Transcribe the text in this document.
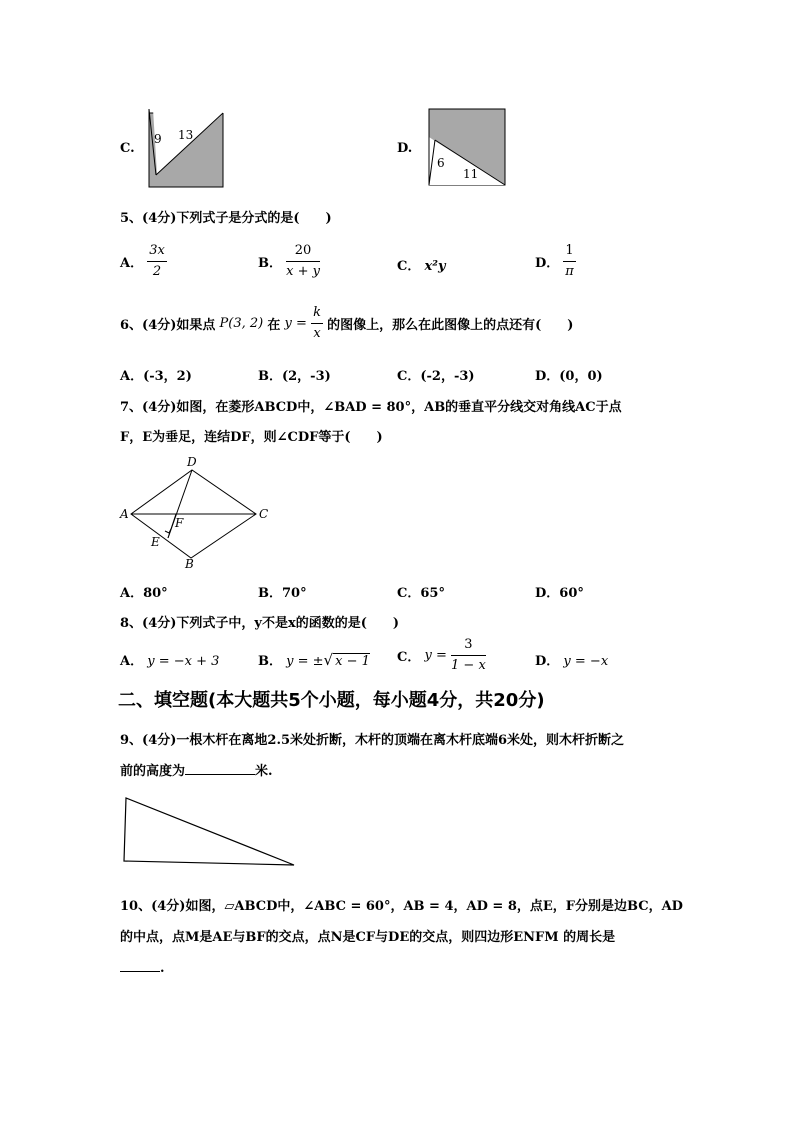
C.
9 13
D.
6
11
5、(4分)下列式子是分式的是(　　)
A． $\frac{3x}{2}$	B． $\frac{20}{x + y}$	C． x²y	D． $\frac{1}{\pi}$
6、(4分)如果点 P(3, 2) 在 $y = \frac{k}{x}$ 的图像上，那么在此图像上的点还有(　　)
A．(-3，2)	B．(2，-3)	C．(-2，-3)	D．(0，0)
7、(4分)如图，在菱形ABCD中，∠BAD = 80°，AB的垂直平分线交对角线AC于点
F，E为垂足，连结DF，则∠CDF等于(　　)
D
A	C
F
E
B
A．80°	B．70°	C．65°	D．60°
8、(4分)下列式子中，y不是x的函数的是(　　)
A． y = −x + 3	B． y = ±√ x − 1 C． $y = \frac{3}{1 - x}$	D． y = −x
二、填空题(本大题共5个小题，每小题4分，共20分)
9、(4分)一根木杆在离地2.5米处折断，木杆的顶端在离木杆底端6米处，则木杆折断之
前的高度为	米.
10、(4分)如图，▱ABCD中，∠ABC = 60°，AB = 4，AD = 8，点E，F分别是边BC，AD
的中点，点M是AE与BF的交点，点N是CF与DE的交点，则四边形ENFM 的周长是
.
